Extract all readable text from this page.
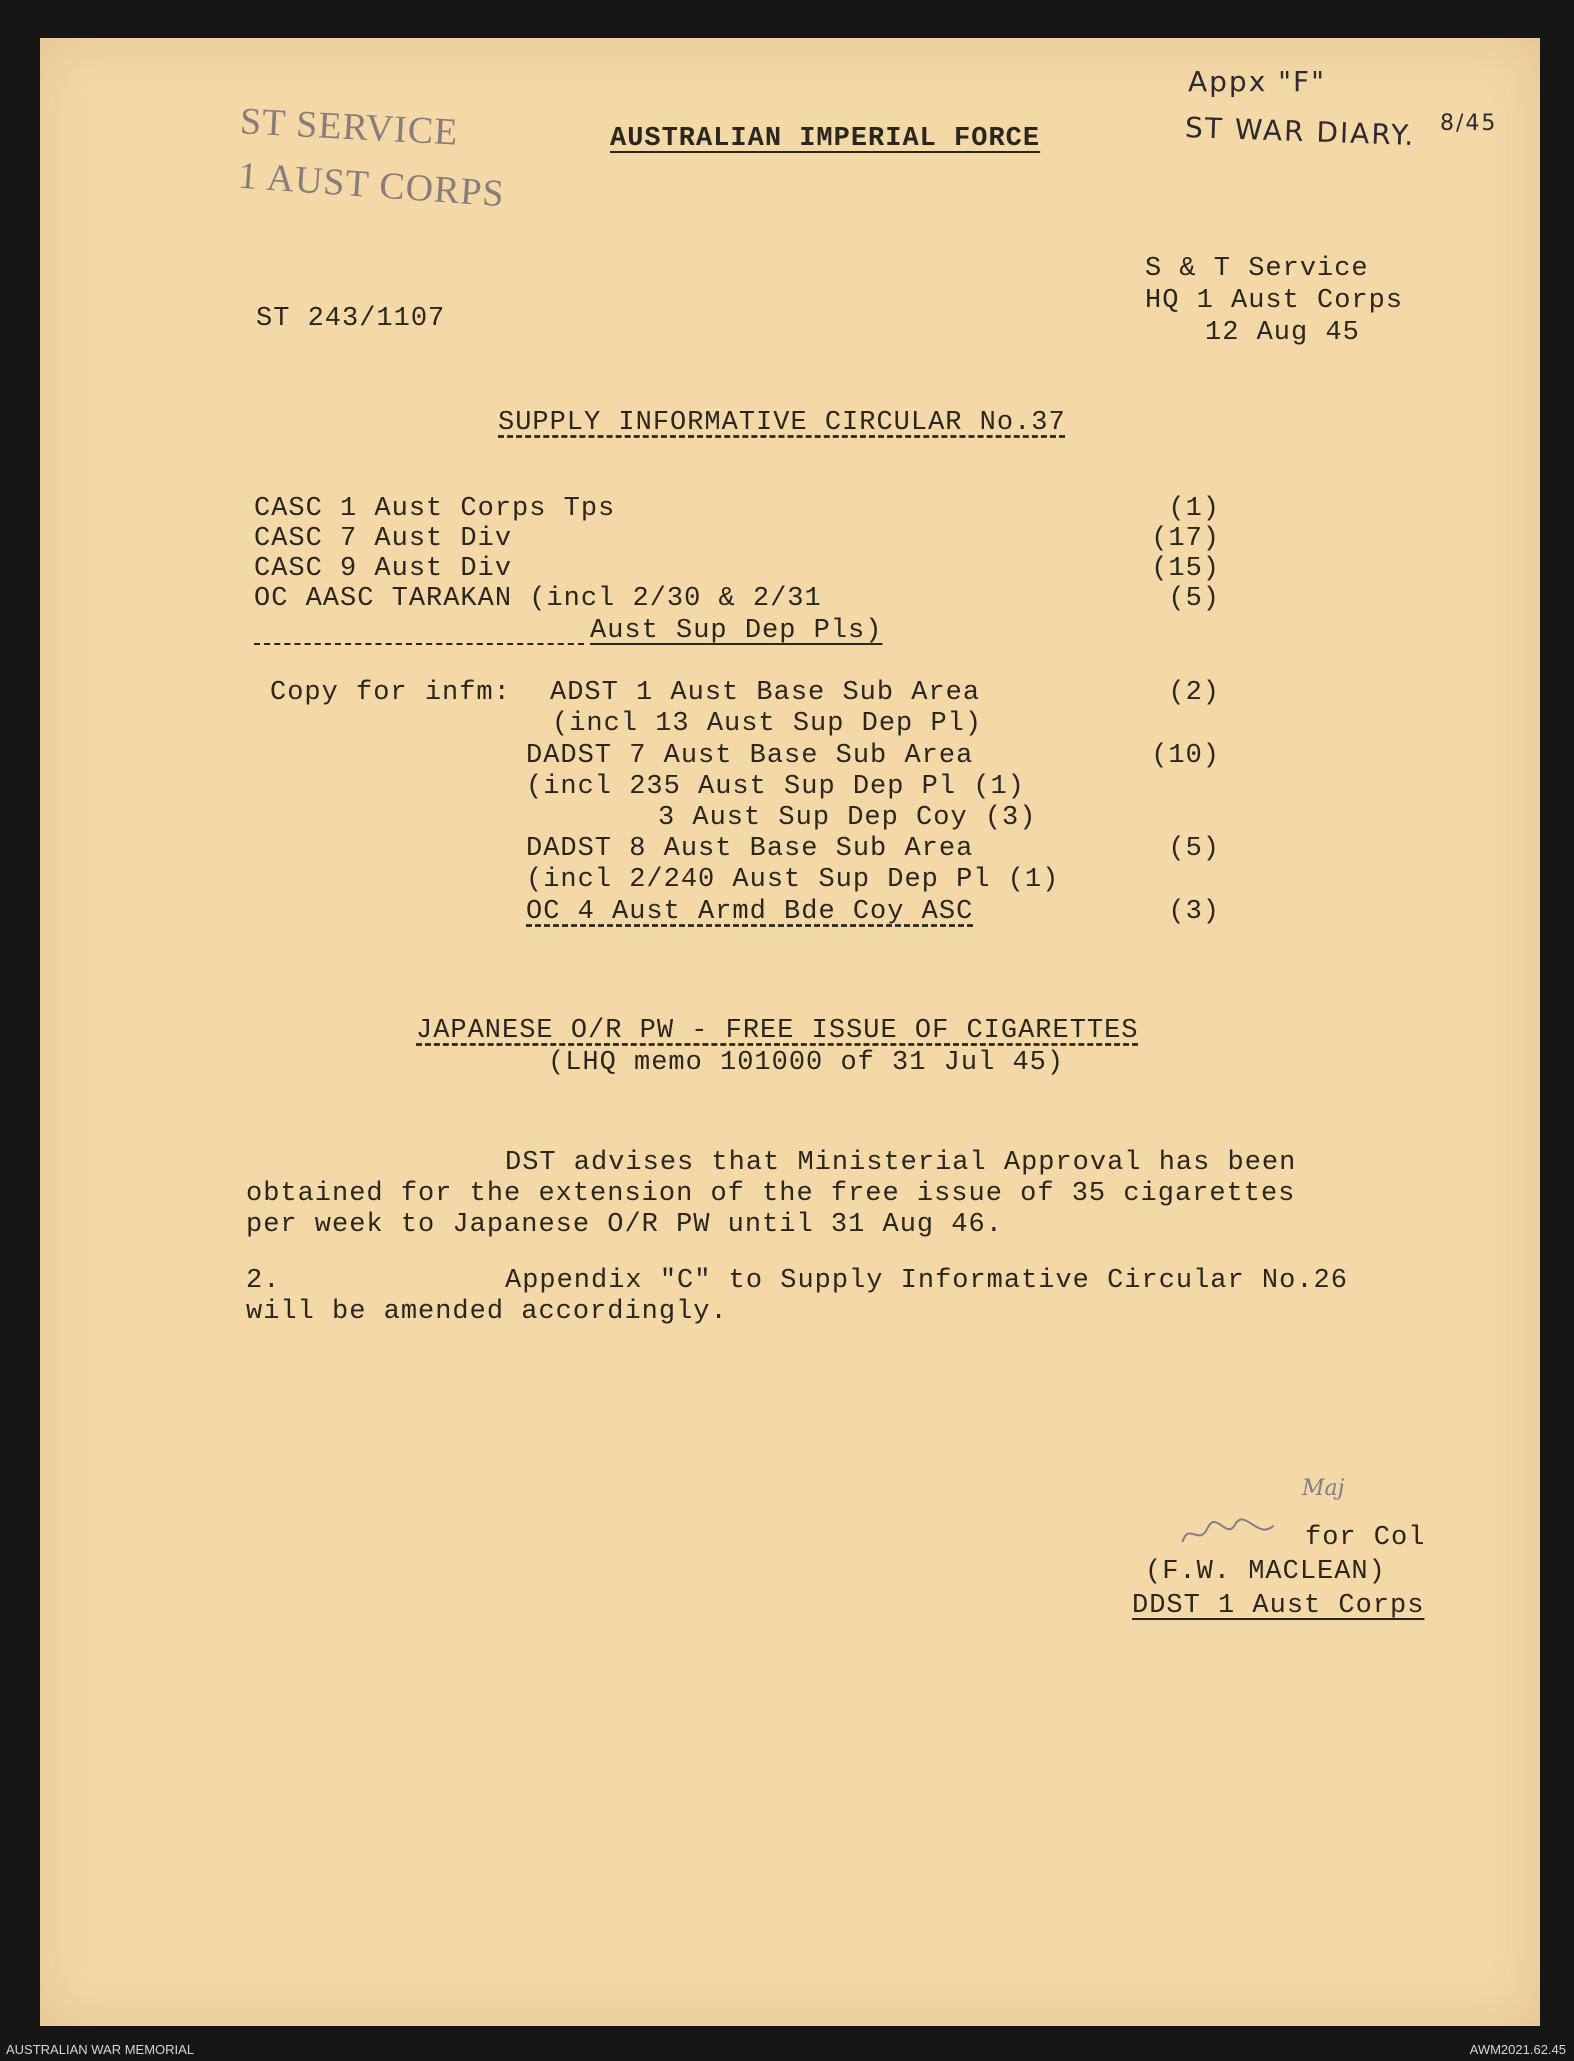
ST SERVICE
1 AUST CORPS
Appx "F"
ST WAR DIARY. 8/45
AUSTRALIAN IMPERIAL FORCE
ST 243/1107
S & T Service
HQ 1 Aust Corps
12 Aug 45
SUPPLY INFORMATIVE CIRCULAR No.37
CASC 1 Aust Corps Tps	(1)
CASC 7 Aust Div	(17)
CASC 9 Aust Div	(15)
OC AASC TARAKAN (incl 2/30 & 2/31	(5)
Aust Sup Dep Pls)
Copy for infm: ADST 1 Aust Base Sub Area	(2)
(incl 13 Aust Sup Dep Pl)
DADST 7 Aust Base Sub Area	(10)
(incl 235 Aust Sup Dep Pl (1)
3 Aust Sup Dep Coy (3)
DADST 8 Aust Base Sub Area	(5)
(incl 2/240 Aust Sup Dep Pl (1)
OC 4 Aust Armd Bde Coy ASC	(3)
JAPANESE O/R PW - FREE ISSUE OF CIGARETTES
(LHQ memo 101000 of 31 Jul 45)
DST advises that Ministerial Approval has been
obtained for the extension of the free issue of 35 cigarettes
per week to Japanese O/R PW until 31 Aug 46.
2.	Appendix "C" to Supply Informative Circular No.26
will be amended accordingly.

Maj
for Col
(F.W. MACLEAN)
DDST 1 Aust Corps
AUSTRALIAN WAR MEMORIAL	AWM2021.62.45
